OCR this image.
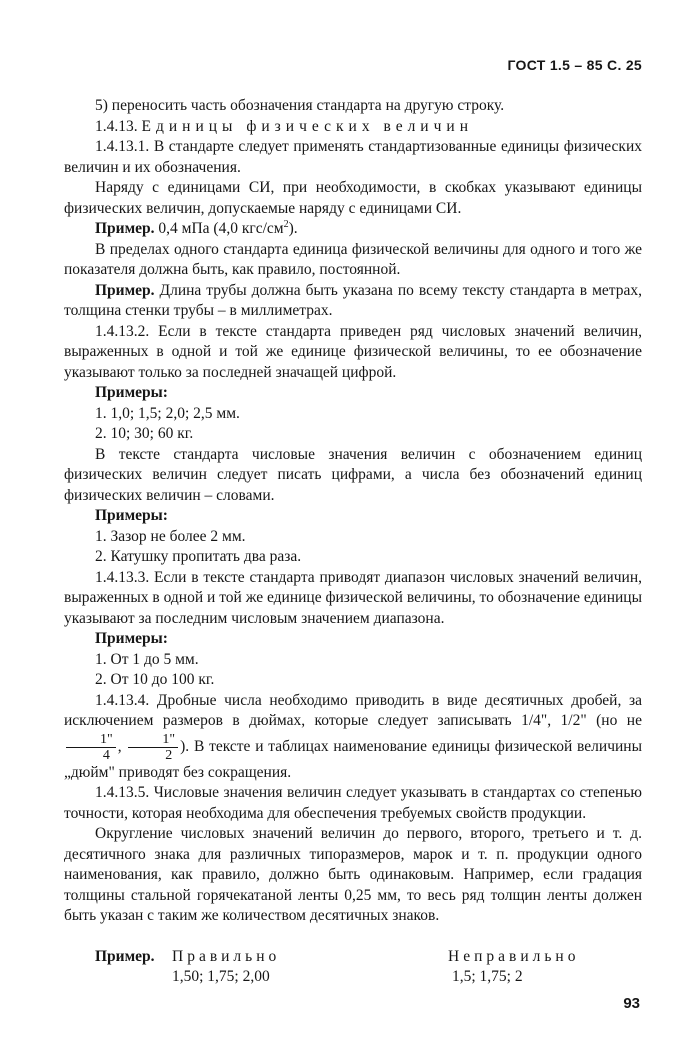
ГОСТ 1.5 – 85 С. 25

5) переносить часть обозначения стандарта на другую строку.

1.4.13. Единицы физических величин

1.4.13.1. В стандарте следует применять стандартизованные единицы физических величин и их обозначения.

Наряду с единицами СИ, при необходимости, в скобках указывают единицы физических величин, допускаемые наряду с единицами СИ.

Пример. 0,4 мПа (4,0 кгс/$см^2$).

В пределах одного стандарта единица физической величины для одного и того же показателя должна быть, как правило, постоянной.

Пример. Длина трубы должна быть указана по всему тексту стандарта в метрах, толщина стенки трубы – в миллиметрах.

1.4.13.2. Если в тексте стандарта приведен ряд числовых значений величин, выраженных в одной и той же единице физической величины, то ее обозначение указывают только за последней значащей цифрой.

Примеры:

1. 1,0; 1,5; 2,0; 2,5 мм.

2. 10; 30; 60 кг.

В тексте стандарта числовые значения величин с обозначением единиц физических величин следует писать цифрами, а числа без обозначений единиц физических величин – словами.

Примеры:

1. Зазор не более 2 мм.

2. Катушку пропитать два раза.

1.4.13.3. Если в тексте стандарта приводят диапазон числовых значений величин, выраженных в одной и той же единице физической величины, то обозначение единицы указывают за последним числовым значением диапазона.

Примеры:

1. От 1 до 5 мм.

2. От 10 до 100 кг.

1.4.13.4. Дробные числа необходимо приводить в виде десятичных дробей, за исключением размеров в дюймах, которые следует записывать 1/4", 1/2" (но не
$\frac{1"}{4}$ , $\frac{1"}{2}$ ). В тексте и таблицах наименование единицы физической величины „дюйм" приводят без сокращения.

1.4.13.5. Числовые значения величин следует указывать в стандартах со степенью точности, которая необходима для обеспечения требуемых свойств продукции.

Округление числовых значений величин до первого, второго, третьего и т. д. десятичного знака для различных типоразмеров, марок и т. п. продукции одного наименования, как правило, должно быть одинаковым. Например, если градация толщины стальной горячекатаной ленты 0,25 мм, то весь ряд толщин ленты должен быть указан с таким же количеством десятичных знаков.

Пример.	Правильно
1,50; 1,75; 2,00
Неправильно
1,5; 1,75; 2
93
